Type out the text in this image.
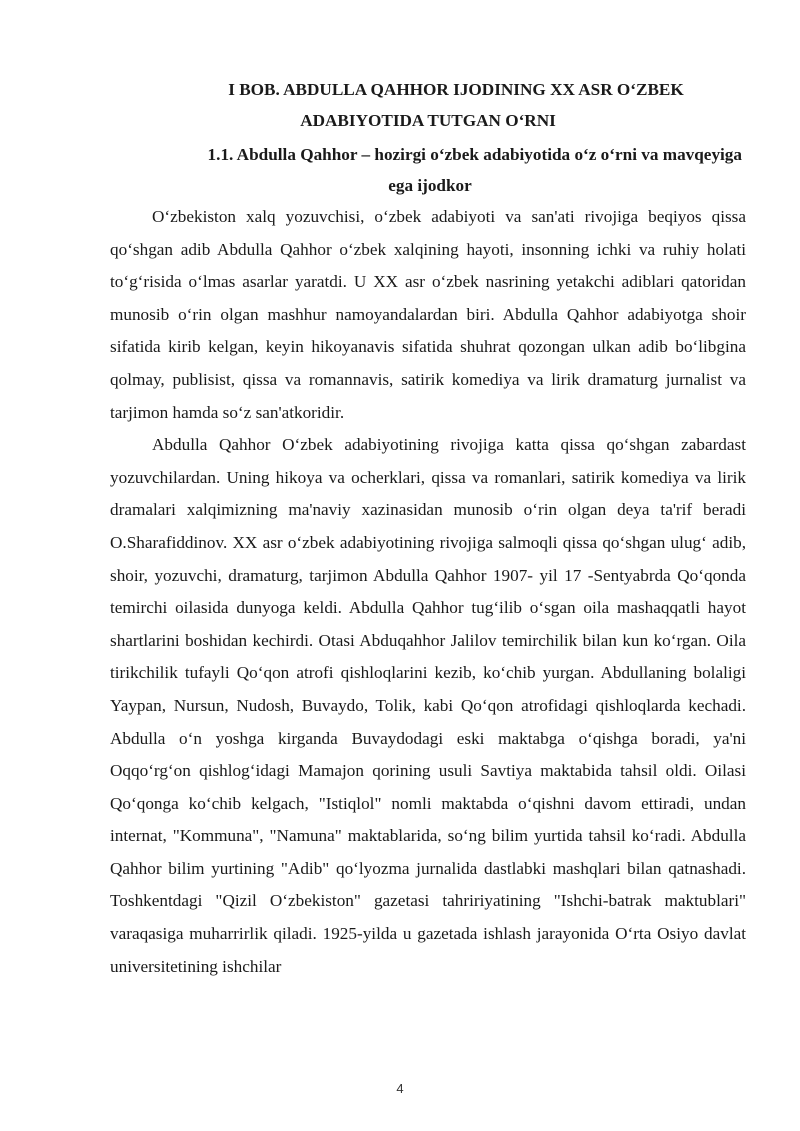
I BOB. ABDULLA QAHHOR IJODINING XX ASR O‘ZBEK
ADABIYOTIDA TUTGAN O‘RNI
1.1. Abdulla Qahhor – hozirgi o‘zbek adabiyotida o‘z o‘rni va mavqeyiga
ega ijodkor

O‘zbekiston xalq yozuvchisi, o‘zbek adabiyoti va san'ati rivojiga beqiyos qissa qo‘shgan adib Abdulla Qahhor o‘zbek xalqining hayoti, insonning ichki va ruhiy holati to‘g‘risida o‘lmas asarlar yaratdi. U XX asr o‘zbek nasrining yetakchi adiblari qatoridan munosib o‘rin olgan mashhur namoyandalardan biri. Abdulla Qahhor adabiyotga shoir sifatida kirib kelgan, keyin hikoyanavis sifatida shuhrat qozongan ulkan adib bo‘libgina qolmay, publisist, qissa va romannavis, satirik komediya va lirik dramaturg jurnalist va tarjimon hamda so‘z san'atkoridir.

Abdulla Qahhor O‘zbek adabiyotining rivojiga katta qissa qo‘shgan zabardast yozuvchilardan. Uning hikoya va ocherklari, qissa va romanlari, satirik komediya va lirik dramalari xalqimizning ma'naviy xazinasidan munosib o‘rin olgan deya ta'rif beradi O.Sharafiddinov. XX asr o‘zbek adabiyotining rivojiga salmoqli qissa qo‘shgan ulug‘ adib, shoir, yozuvchi, dramaturg, tarjimon Abdulla Qahhor 1907- yil 17 -Sentyabrda Qo‘qonda temirchi oilasida dunyoga keldi. Abdulla Qahhor tug‘ilib o‘sgan oila mashaqqatli hayot shartlarini boshidan kechirdi. Otasi Abduqahhor Jalilov temirchilik bilan kun ko‘rgan. Oila tirikchilik tufayli Qo‘qon atrofi qishloqlarini kezib, ko‘chib yurgan. Abdullaning bolaligi Yaypan, Nursun, Nudosh, Buvaydo, Tolik, kabi Qo‘qon atrofidagi qishloqlarda kechadi. Abdulla o‘n yoshga kirganda Buvaydodagi eski maktabga o‘qishga boradi, ya'ni Oqqo‘rg‘on qishlog‘idagi Mamajon qorining usuli Savtiya maktabida tahsil oldi. Oilasi Qo‘qonga ko‘chib kelgach, "Istiqlol" nomli maktabda o‘qishni davom ettiradi, undan internat, "Kommuna", "Namuna" maktablarida, so‘ng bilim yurtida tahsil ko‘radi. Abdulla Qahhor bilim yurtining "Adib" qo‘lyozma jurnalida dastlabki mashqlari bilan qatnashadi. Toshkentdagi "Qizil O‘zbekiston" gazetasi tahririyatining "Ishchi-batrak maktublari" varaqasiga muharrirlik qiladi. 1925-yilda u gazetada ishlash jarayonida O‘rta Osiyo davlat universitetining ishchilar

4
